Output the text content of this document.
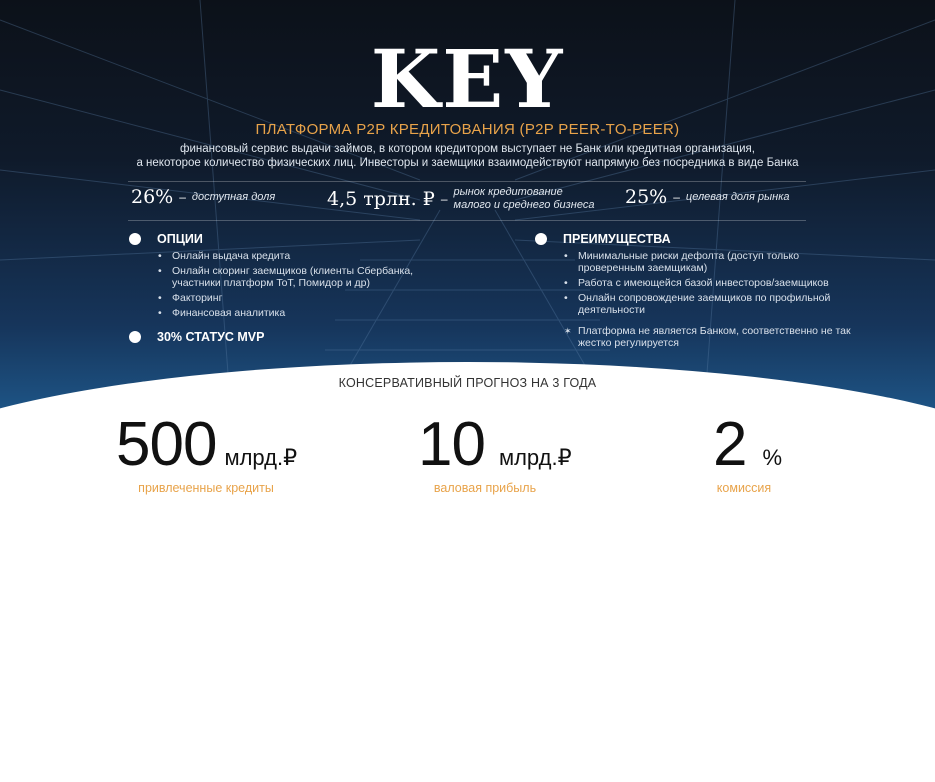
KEY
ПЛАТФОРМА P2P КРЕДИТОВАНИЯ (P2P PEER-TO-PEER)
финансовый сервис выдачи займов, в котором кредитором выступает не Банк или кредитная организация,
а некоторое количество физических лиц. Инвесторы и заемщики взаимодействуют напрямую без посредника в виде Банка
26% – доступная доля	4,5 трлн. ₽ – рынок кредитование
малого и среднего бизнеса 25% – целевая доля рынка
ОПЦИИ
• Онлайн выдача кредита
• Онлайн скоринг заемщиков (клиенты Сбербанка, участники платформ ToT, Помидор и др)
• Факторинг
• Финансовая аналитика
30% СТАТУС MVP
ПРЕИМУЩЕСТВА
• Минимальные риски дефолта (доступ только проверенным заемщикам)
• Работа с имеющейся базой инвесторов/заемщиков
• Онлайн сопровождение заемщиков по профильной деятельности
✶ Платформа не является Банком, соответственно не так жестко регулируется
КОНСЕРВАТИВНЫЙ ПРОГНОЗ НА 3 ГОДА
500 млрд.₽
привлеченные кредиты
10 млрд.₽
валовая прибыль
2 %
комиссия
